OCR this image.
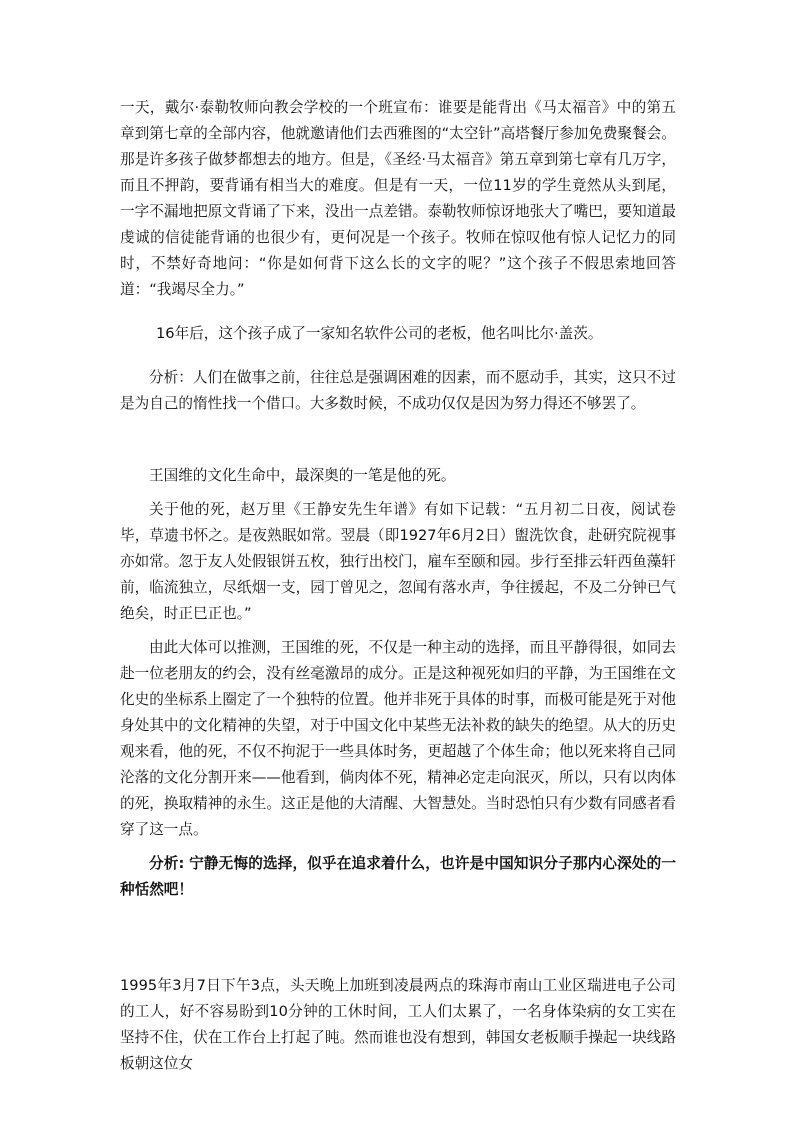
一天，戴尔·泰勒牧师向教会学校的一个班宣布：谁要是能背出《马太福音》中的第五章到第七章的全部内容，他就邀请他们去西雅图的“太空针”高塔餐厅参加免费聚餐会。那是许多孩子做梦都想去的地方。但是，《圣经·马太福音》第五章到第七章有几万字，而且不押韵，要背诵有相当大的难度。但是有一天，一位11岁的学生竟然从头到尾，一字不漏地把原文背诵了下来，没出一点差错。泰勒牧师惊讶地张大了嘴巴，要知道最虔诚的信徒能背诵的也很少有，更何况是一个孩子。牧师在惊叹他有惊人记忆力的同时，不禁好奇地问：“你是如何背下这么长的文字的呢？”这个孩子不假思索地回答道：“我竭尽全力。”

16年后，这个孩子成了一家知名软件公司的老板，他名叫比尔·盖茨。

分析：人们在做事之前，往往总是强调困难的因素，而不愿动手，其实，这只不过是为自己的惰性找一个借口。大多数时候，不成功仅仅是因为努力得还不够罢了。

王国维的文化生命中，最深奥的一笔是他的死。

关于他的死，赵万里《王静安先生年谱》有如下记载：“五月初二日夜，阅试卷毕，草遗书怀之。是夜熟眠如常。翌晨（即1927年6月2日）盥洗饮食，赴研究院视事亦如常。忽于友人处假银饼五枚，独行出校门，雇车至颐和园。步行至排云轩西鱼藻轩前，临流独立，尽纸烟一支，园丁曾见之，忽闻有落水声，争往援起，不及二分钟已气绝矣，时正巳正也。”

由此大体可以推测，王国维的死，不仅是一种主动的选择，而且平静得很，如同去赴一位老朋友的约会，没有丝毫激昂的成分。正是这种视死如归的平静，为王国维在文化史的坐标系上圈定了一个独特的位置。他并非死于具体的时事，而极可能是死于对他身处其中的文化精神的失望，对于中国文化中某些无法补救的缺失的绝望。从大的历史观来看，他的死，不仅不拘泥于一些具体时务，更超越了个体生命；他以死来将自己同沦落的文化分割开来——他看到，倘肉体不死，精神必定走向泯灭，所以，只有以肉体的死，换取精神的永生。这正是他的大清醒、大智慧处。当时恐怕只有少数有同感者看穿了这一点。

分析: 宁静无悔的选择，似乎在追求着什么，也许是中国知识分子那内心深处的一种恬然吧！

1995年3月7日下午3点，头天晚上加班到凌晨两点的珠海市南山工业区瑞进电子公司的工人，好不容易盼到10分钟的工休时间，工人们太累了，一名身体染病的女工实在坚持不住，伏在工作台上打起了盹。然而谁也没有想到，韩国女老板顺手操起一块线路板朝这位女
